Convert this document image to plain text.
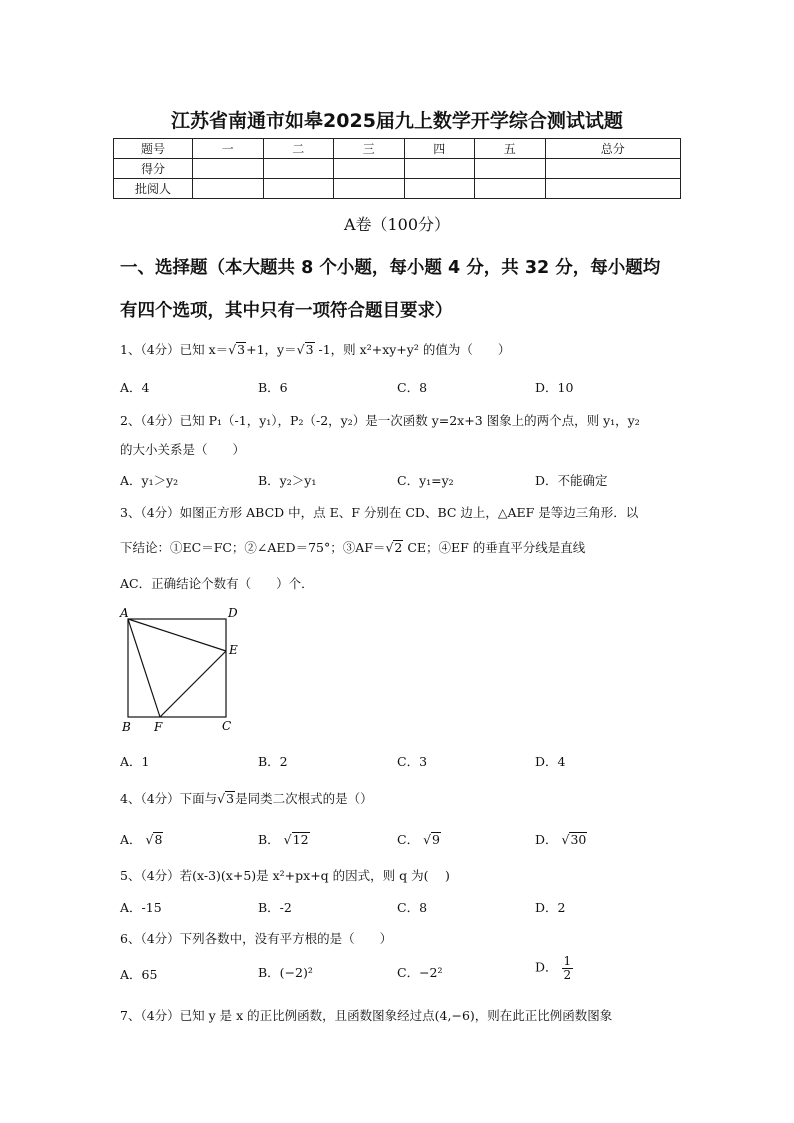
江苏省南通市如皋2025届九上数学开学综合测试试题
题号	一	二	三	四	五	总分
得分						
批阅人						
A卷（100分）
一、选择题（本大题共 8 个小题，每小题 4 分，共 32 分，每小题均
有四个选项，其中只有一项符合题目要求）
1、（4分）已知 x＝√3+1，y＝√3 -1，则 x²+xy+y² 的值为（　　）
A．4	B．6	C．8	D．10
2、（4分）已知 P₁（-1，y₁），P₂（-2，y₂）是一次函数 y=2x+3 图象上的两个点，则 y₁，y₂
的大小关系是（　　）
A．y₁＞y₂	B．y₂＞y₁	C．y₁=y₂	D．不能确定
3、（4分）如图正方形 ABCD 中，点 E、F 分别在 CD、BC 边上，△AEF 是等边三角形．以
下结论：①EC＝FC；②∠AED＝75°；③AF＝√2 CE；④EF 的垂直平分线是直线
AC．正确结论个数有（　　）个．
A	D
E
B F	C
A．1	B．2	C．3	D．4
4、（4分）下面与√3是同类二次根式的是（）
A． √8	B． √12	C． √9	D． √30
5、（4分）若(x-3)(x+5)是 x²+px+q 的因式，则 q 为(　 )
A．-15	B．-2	C．8	D．2
6、（4分）下列各数中，没有平方根的是（　　）
A．65	B．(−2)²	C．−2²	D． $\frac{1}{2}$
7、（4分）已知 y 是 x 的正比例函数，且函数图象经过点(4,−6)，则在此正比例函数图象
